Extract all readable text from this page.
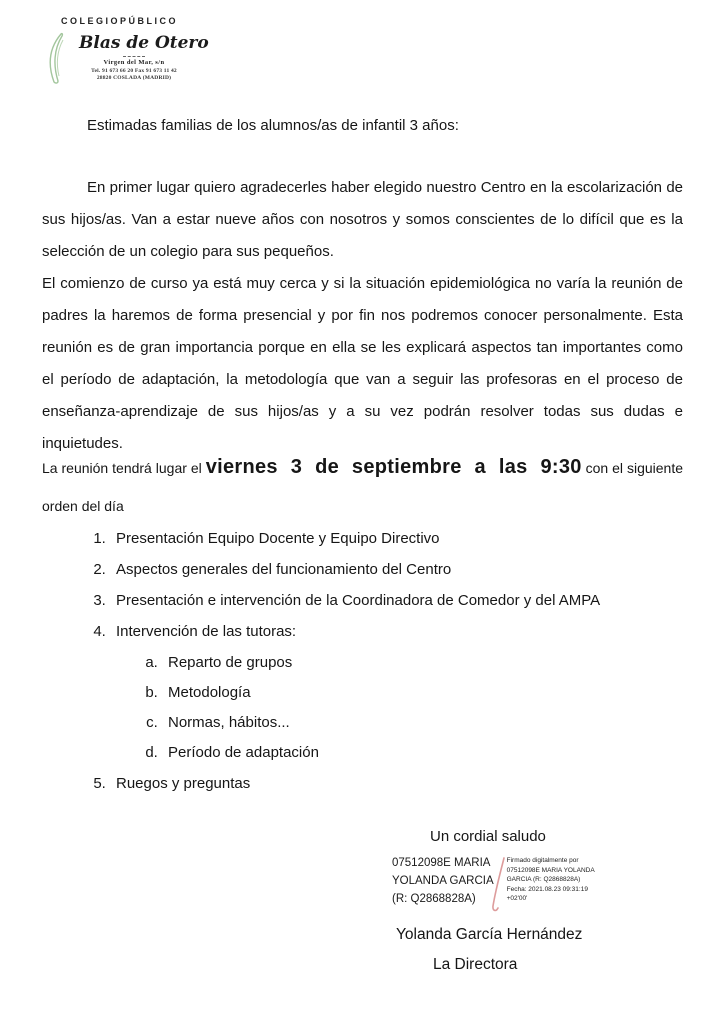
COLEGIO PÚBLICO
Blas de Otero
Virgen del Mar, s/n
Tel. 91 673 66 20 Fax 91 673 11 42
28820 COSLADA (MADRID)

Estimadas familias de los alumnos/as de infantil 3 años:

En primer lugar quiero agradecerles haber elegido nuestro Centro en la escolarización de sus hijos/as. Van a estar nueve años con nosotros y somos conscientes de lo difícil que es la selección de un colegio para sus pequeños.

El comienzo de curso ya está muy cerca y si la situación epidemiológica no varía la reunión de padres la haremos de forma presencial y por fin nos podremos conocer personalmente. Esta reunión es de gran importancia porque en ella se les explicará aspectos tan importantes como el período de adaptación, la metodología que van a seguir las profesoras en el proceso de enseñanza-aprendizaje de sus hijos/as y a su vez podrán resolver todas sus dudas e inquietudes.

La reunión tendrá lugar el viernes 3 de septiembre a las 9:30 con el siguiente orden del día

1. Presentación Equipo Docente y Equipo Directivo
2. Aspectos generales del funcionamiento del Centro
3. Presentación e intervención de la Coordinadora de Comedor y del AMPA
4. Intervención de las tutoras:
a. Reparto de grupos
b. Metodología
c. Normas, hábitos...
d. Período de adaptación
5. Ruegos y preguntas
Un cordial saludo
07512098E MARIA
YOLANDA GARCIA
(R: Q2868828A)
Firmado digitalmente por
07512098E MARIA YOLANDA
GARCIA (R: Q2868828A)
Fecha: 2021.08.23 09:31:19
+02'00'
Yolanda García Hernández
La Directora
